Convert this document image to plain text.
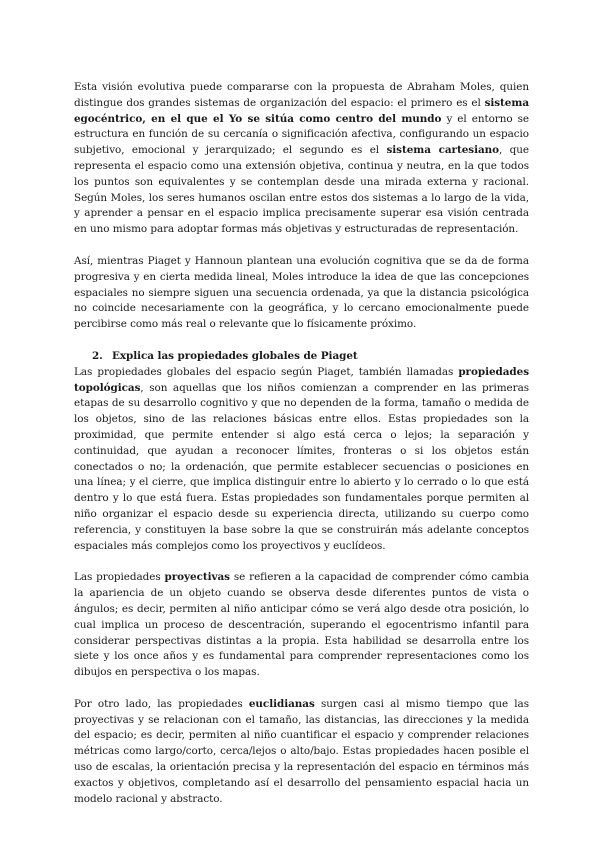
Esta visión evolutiva puede compararse con la propuesta de Abraham Moles, quien distingue dos grandes sistemas de organización del espacio: el primero es el sistema egocéntrico, en el que el Yo se sitúa como centro del mundo y el entorno se estructura en función de su cercanía o significación afectiva, configurando un espacio subjetivo, emocional y jerarquizado; el segundo es el sistema cartesiano, que representa el espacio como una extensión objetiva, continua y neutra, en la que todos los puntos son equivalentes y se contemplan desde una mirada externa y racional. Según Moles, los seres humanos oscilan entre estos dos sistemas a lo largo de la vida, y aprender a pensar en el espacio implica precisamente superar esa visión centrada en uno mismo para adoptar formas más objetivas y estructuradas de representación.

Así, mientras Piaget y Hannoun plantean una evolución cognitiva que se da de forma progresiva y en cierta medida lineal, Moles introduce la idea de que las concepciones espaciales no siempre siguen una secuencia ordenada, ya que la distancia psicológica no coincide necesariamente con la geográfica, y lo cercano emocionalmente puede percibirse como más real o relevante que lo físicamente próximo.

2. Explica las propiedades globales de Piaget

Las propiedades globales del espacio según Piaget, también llamadas propiedades topológicas, son aquellas que los niños comienzan a comprender en las primeras etapas de su desarrollo cognitivo y que no dependen de la forma, tamaño o medida de los objetos, sino de las relaciones básicas entre ellos. Estas propiedades son la proximidad, que permite entender si algo está cerca o lejos; la separación y continuidad, que ayudan a reconocer límites, fronteras o si los objetos están conectados o no; la ordenación, que permite establecer secuencias o posiciones en una línea; y el cierre, que implica distinguir entre lo abierto y lo cerrado o lo que está dentro y lo que está fuera. Estas propiedades son fundamentales porque permiten al niño organizar el espacio desde su experiencia directa, utilizando su cuerpo como referencia, y constituyen la base sobre la que se construirán más adelante conceptos espaciales más complejos como los proyectivos y euclídeos.

Las propiedades proyectivas se refieren a la capacidad de comprender cómo cambia la apariencia de un objeto cuando se observa desde diferentes puntos de vista o ángulos; es decir, permiten al niño anticipar cómo se verá algo desde otra posición, lo cual implica un proceso de descentración, superando el egocentrismo infantil para considerar perspectivas distintas a la propia. Esta habilidad se desarrolla entre los siete y los once años y es fundamental para comprender representaciones como los dibujos en perspectiva o los mapas.

Por otro lado, las propiedades euclidianas surgen casi al mismo tiempo que las proyectivas y se relacionan con el tamaño, las distancias, las direcciones y la medida del espacio; es decir, permiten al niño cuantificar el espacio y comprender relaciones métricas como largo/corto, cerca/lejos o alto/bajo. Estas propiedades hacen posible el uso de escalas, la orientación precisa y la representación del espacio en términos más exactos y objetivos, completando así el desarrollo del pensamiento espacial hacia un modelo racional y abstracto.
